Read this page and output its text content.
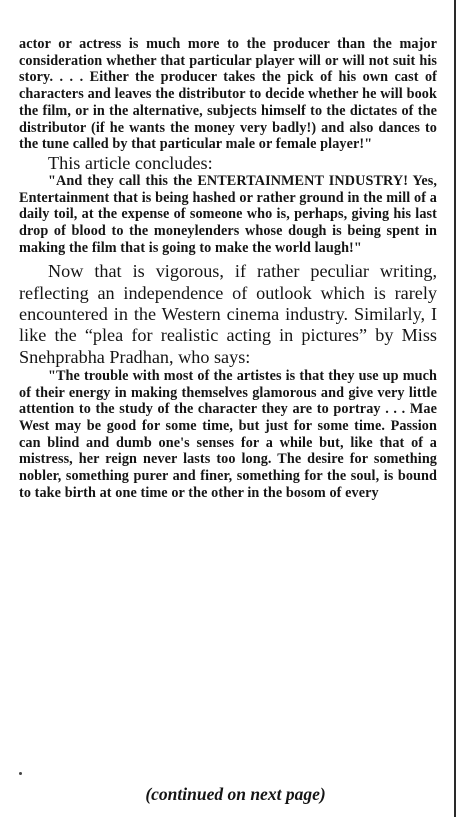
actor or actress is much more to the producer than the major consideration whether that particular player will or will not suit his story. . . . Either the producer takes the pick of his own cast of characters and leaves the distributor to decide whether he will book the film, or in the alternative, subjects himself to the dictates of the distributor (if he wants the money very badly!) and also dances to the tune called by that particular male or female player!"

This article concludes:

"And they call this the ENTERTAINMENT INDUSTRY! Yes, Entertainment that is being hashed or rather ground in the mill of a daily toil, at the expense of someone who is, perhaps, giving his last drop of blood to the moneylenders whose dough is being spent in making the film that is going to make the world laugh!"

Now that is vigorous, if rather peculiar writing, reflecting an independence of outlook which is rarely encountered in the Western cinema industry. Similarly, I like the “plea for realistic acting in pictures” by Miss Snehprabha Pradhan, who says:

"The trouble with most of the artistes is that they use up much of their energy in making themselves glamorous and give very little attention to the study of the character they are to portray . . . Mae West may be good for some time, but just for some time. Passion can blind and dumb one's senses for a while but, like that of a mistress, her reign never lasts too long. The desire for something nobler, something purer and finer, something for the soul, is bound to take birth at one time or the other in the bosom of every

(continued on next page)
